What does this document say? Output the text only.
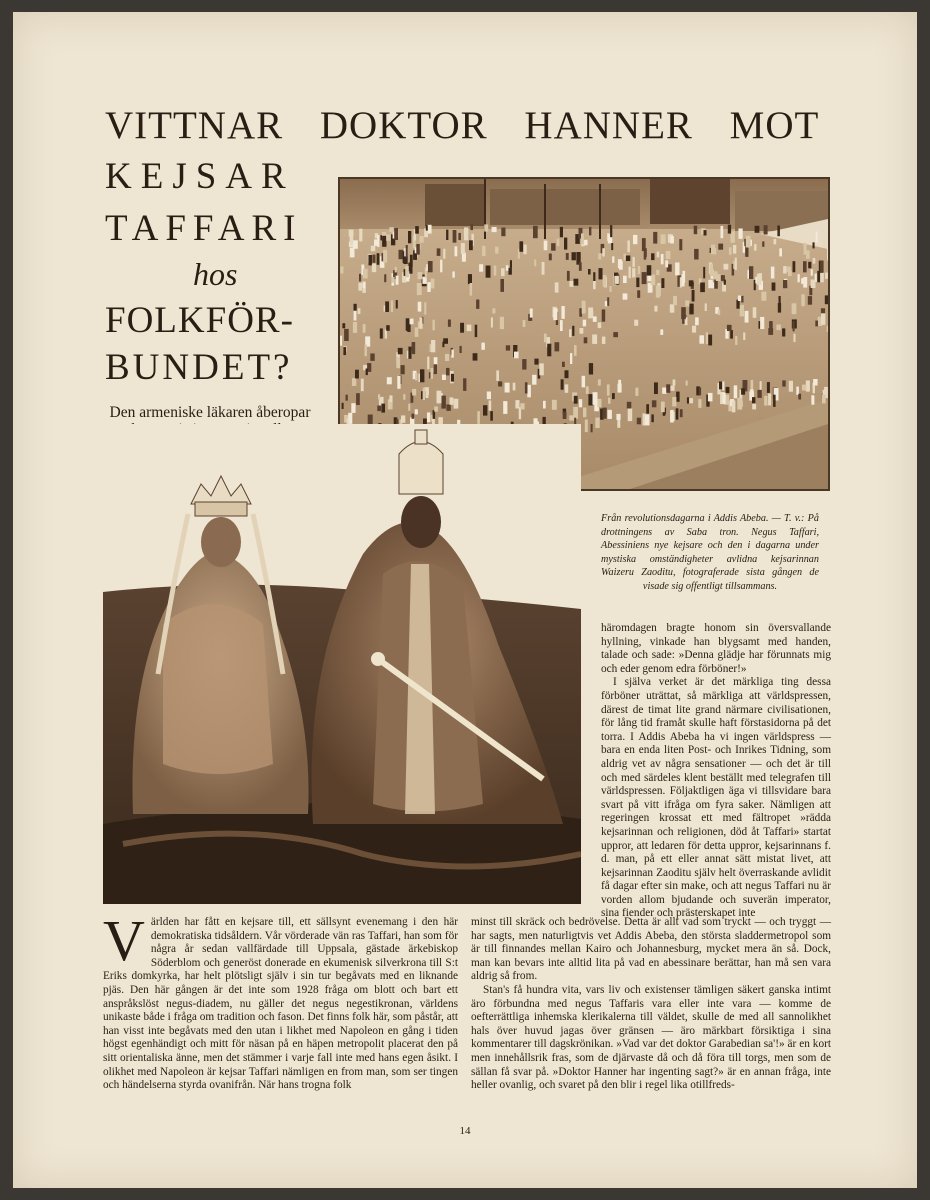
VITTNAR DOKTOR HANNER MOT
KEJSAR
TAFFARI
hos
FOLKFÖR-
BUNDET?
Den armeniske läkaren åberopar
Från revolutionsdagarna i Addis Abeba. — T. v.: På drottningens av Saba tron. Negus Taffari, Abessiniens nye kejsare och den i dagarna under mystiska omständigheter avlidna kejsarinnan Waizeru Zaoditu, fotograferade sista gången de visade sig offentligt tillsammans.

häromdagen bragte honom sin översvallande hyllning, vinkade han blygsamt med handen, talade och sade: »Denna glädje har förunnats mig och eder genom edra förböner!»

I själva verket är det märkliga ting dessa förböner uträttat, så märkliga att världspressen, därest de timat lite grand närmare civilisationen, för lång tid framåt skulle haft förstasidorna på det torra. I Addis Abeba ha vi ingen världspress — bara en enda liten Post- och Inrikes Tidning, som aldrig vet av några sensationer — och det är till och med särdeles klent beställt med telegrafen till världspressen. Följaktligen äga vi tillsvidare bara svart på vitt ifråga om fyra saker. Nämligen att regeringen krossat ett med fältropet »rädda kejsarinnan och religionen, död åt Taffari» startat uppror, att ledaren för detta uppror, kejsarinnans f. d. man, på ett eller annat sätt mistat livet, att kejsarinnan Zaoditu själv helt överraskande avlidit få dagar efter sin make, och att negus Taffari nu är vorden allom bjudande och suverän imperator, sina fiender och prästerskapet inte

V ärlden har fått en kejsare till, ett sällsynt evenemang i den här demokratiska tidsåldern. Vår vörderade vän ras Taffari, han som för några år sedan vallfärdade till Uppsala, gästade ärkebiskop Söderblom och generöst donerade en ekumenisk silverkrona till S:t Eriks domkyrka, har helt plötsligt själv i sin tur begåvats med en liknande pjäs. Den här gången är det inte som 1928 fråga om blott och bart ett anspråkslöst negus-diadem, nu gäller det negus negestikronan, världens unikaste både i fråga om tradition och fason. Det finns folk här, som påstår, att han visst inte begåvats med den utan i likhet med Napoleon en gång i tiden högst egenhändigt och mitt för näsan på en häpen metropolit placerat den på sitt orientaliska änne, men det stämmer i varje fall inte med hans egen åsikt. I olikhet med Napoleon är kejsar Taffari nämligen en from man, som ser tingen och händelserna styrda ovanifrån. När hans trogna folk

minst till skräck och bedrövelse. Detta är allt vad som tryckt — och tryggt — har sagts, men naturligtvis vet Addis Abeba, den största sladdermetropol som är till finnandes mellan Kairo och Johannesburg, mycket mera än så. Dock, man kan bevars inte alltid lita på vad en abessinare berättar, han må sen vara aldrig så from.

Stan's få hundra vita, vars liv och existenser tämligen säkert ganska intimt äro förbundna med negus Taffaris vara eller inte vara — komme de oefterrättliga inhemska klerikalerna till väldet, skulle de med all sannolikhet hals över huvud jagas över gränsen — äro märkbart försiktiga i sina kommentarer till dagskrönikan. »Vad var det doktor Garabedian sa'!» är en kort men innehållsrik fras, som de djärvaste då och då föra till torgs, men som de sällan få svar på. »Doktor Hanner har ingenting sagt?» är en annan fråga, inte heller ovanlig, och svaret på den blir i regel lika otillfreds-

14
